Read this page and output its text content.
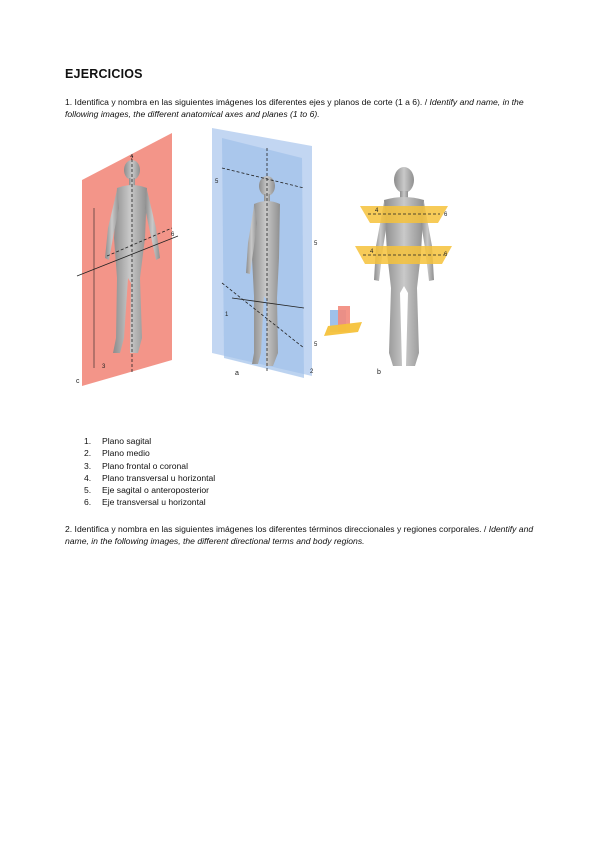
EJERCICIOS
1. Identifica y nombra en las siguientes imágenes los diferentes ejes y planos de corte (1 a 6). / Identify and name, in the following images, the different anatomical axes and planes (1 to 6).
c
3
6
?
a
5
5
5
2
1
b
4
6
4	6
1.	Plano sagital
2.	Plano medio
3.	Plano frontal o coronal
4.	Plano transversal u horizontal
5.	Eje sagital o anteroposterior
6.	Eje transversal u horizontal
2. Identifica y nombra en las siguientes imágenes los diferentes términos direccionales y regiones corporales. / Identify and name, in the following images, the different directional terms and body regions.
